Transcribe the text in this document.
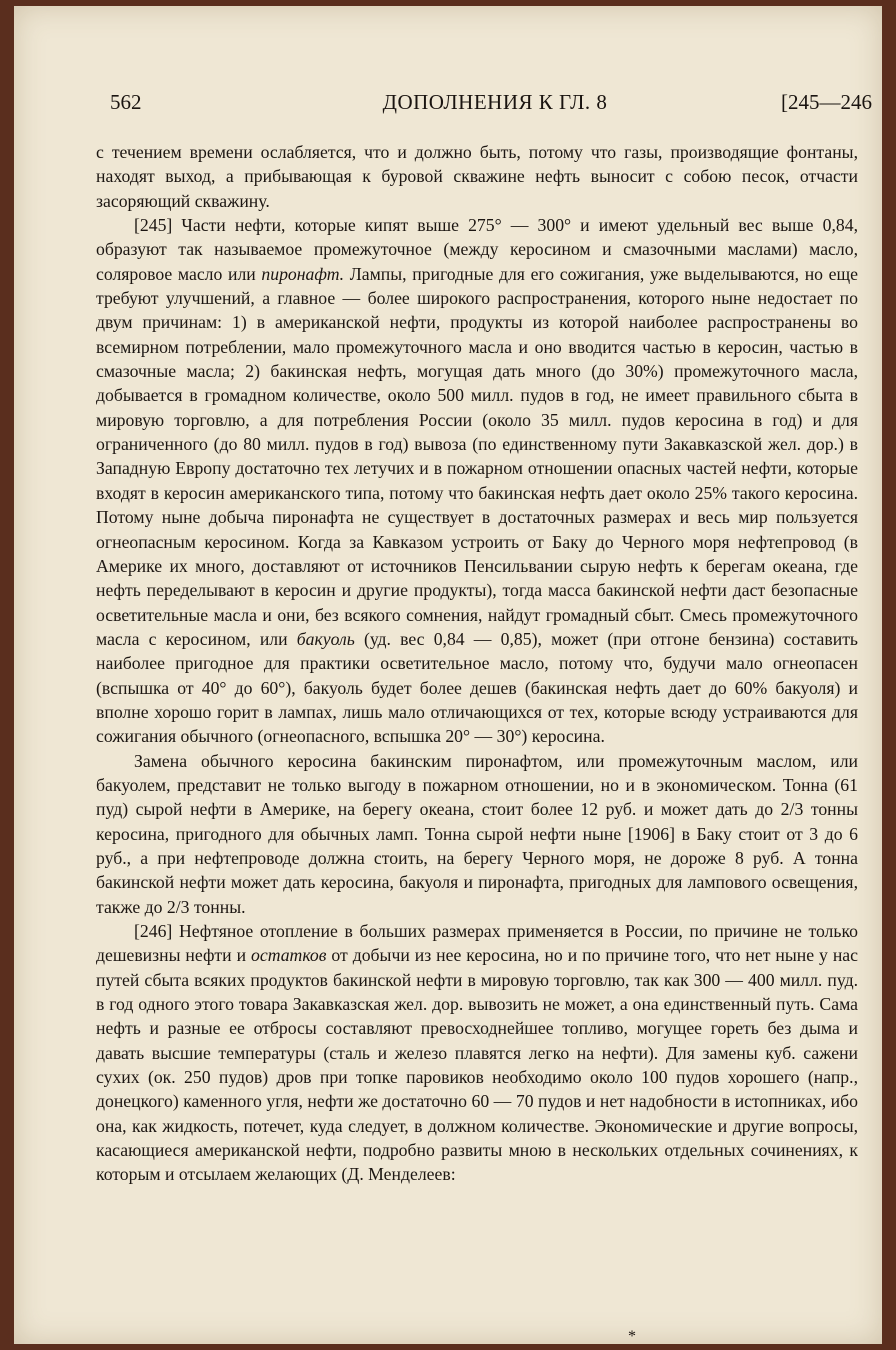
562	ДОПОЛНЕНИЯ К ГЛ. 8	[245—246

с течением времени ослабляется, что и должно быть, потому что газы, производящие фонтаны, находят выход, а прибывающая к буровой скважине нефть выносит с собою песок, отчасти засоряющий скважину.

[245] Части нефти, которые кипят выше 275° — 300° и имеют удельный вес выше 0,84, образуют так называемое промежуточное (между керосином и смазочными маслами) масло, соляровое масло или пиронафт. Лампы, пригодные для его сожигания, уже выделываются, но еще требуют улучшений, а главное — более широкого распространения, которого ныне недостает по двум причинам: 1) в американской нефти, продукты из которой наиболее распространены во всемирном потреблении, мало промежуточного масла и оно вводится частью в керосин, частью в смазочные масла; 2) бакинская нефть, могущая дать много (до 30%) промежуточного масла, добывается в громадном количестве, около 500 милл. пудов в год, не имеет правильного сбыта в мировую торговлю, а для потребления России (около 35 милл. пудов керосина в год) и для ограниченного (до 80 милл. пудов в год) вывоза (по единственному пути Закавказской жел. дор.) в Западную Европу достаточно тех летучих и в пожарном отношении опасных частей нефти, которые входят в керосин американского типа, потому что бакинская нефть дает около 25% такого керосина. Потому ныне добыча пиронафта не существует в достаточных размерах и весь мир пользуется огнеопасным керосином. Когда за Кавказом устроить от Баку до Черного моря нефтепровод (в Америке их много, доставляют от источников Пенсильвании сырую нефть к берегам океана, где нефть переделывают в керосин и другие продукты), тогда масса бакинской нефти даст безопасные осветительные масла и они, без всякого сомнения, найдут громадный сбыт. Смесь промежуточного масла с керосином, или бакуоль (уд. вес 0,84 — 0,85), может (при отгоне бензина) составить наиболее пригодное для практики осветительное масло, потому что, будучи мало огнеопасен (вспышка от 40° до 60°), бакуоль будет более дешев (бакинская нефть дает до 60% бакуоля) и вполне хорошо горит в лампах, лишь мало отличающихся от тех, которые всюду устраиваются для сожигания обычного (огнеопасного, вспышка 20° — 30°) керосина.

Замена обычного керосина бакинским пиронафтом, или промежуточным маслом, или бакуолем, представит не только выгоду в пожарном отношении, но и в экономическом. Тонна (61 пуд) сырой нефти в Америке, на берегу океана, стоит более 12 руб. и может дать до 2/3 тонны керосина, пригодного для обычных ламп. Тонна сырой нефти ныне [1906] в Баку стоит от 3 до 6 руб., а при нефтепроводе должна стоить, на берегу Черного моря, не дороже 8 руб. А тонна бакинской нефти может дать керосина, бакуоля и пиронафта, пригодных для лампового освещения, также до 2/3 тонны.

[246] Нефтяное отопление в больших размерах применяется в России, по причине не только дешевизны нефти и остатков от добычи из нее керосина, но и по причине того, что нет ныне у нас путей сбыта всяких продуктов бакинской нефти в мировую торговлю, так как 300 — 400 милл. пуд. в год одного этого товара Закавказская жел. дор. вывозить не может, а она единственный путь. Сама нефть и разные ее отбросы составляют превосходнейшее топливо, могущее гореть без дыма и давать высшие температуры (сталь и железо плавятся легко на нефти). Для замены куб. сажени сухих (ок. 250 пудов) дров при топке паровиков необходимо около 100 пудов хорошего (напр., донецкого) каменного угля, нефти же достаточно 60 — 70 пудов и нет надобности в истопниках, ибо она, как жидкость, потечет, куда следует, в должном количестве. Экономические и другие вопросы, касающиеся американской нефти, подробно развиты мною в нескольких отдельных сочинениях, к которым и отсылаем желающих (Д. Менделеев:

*
